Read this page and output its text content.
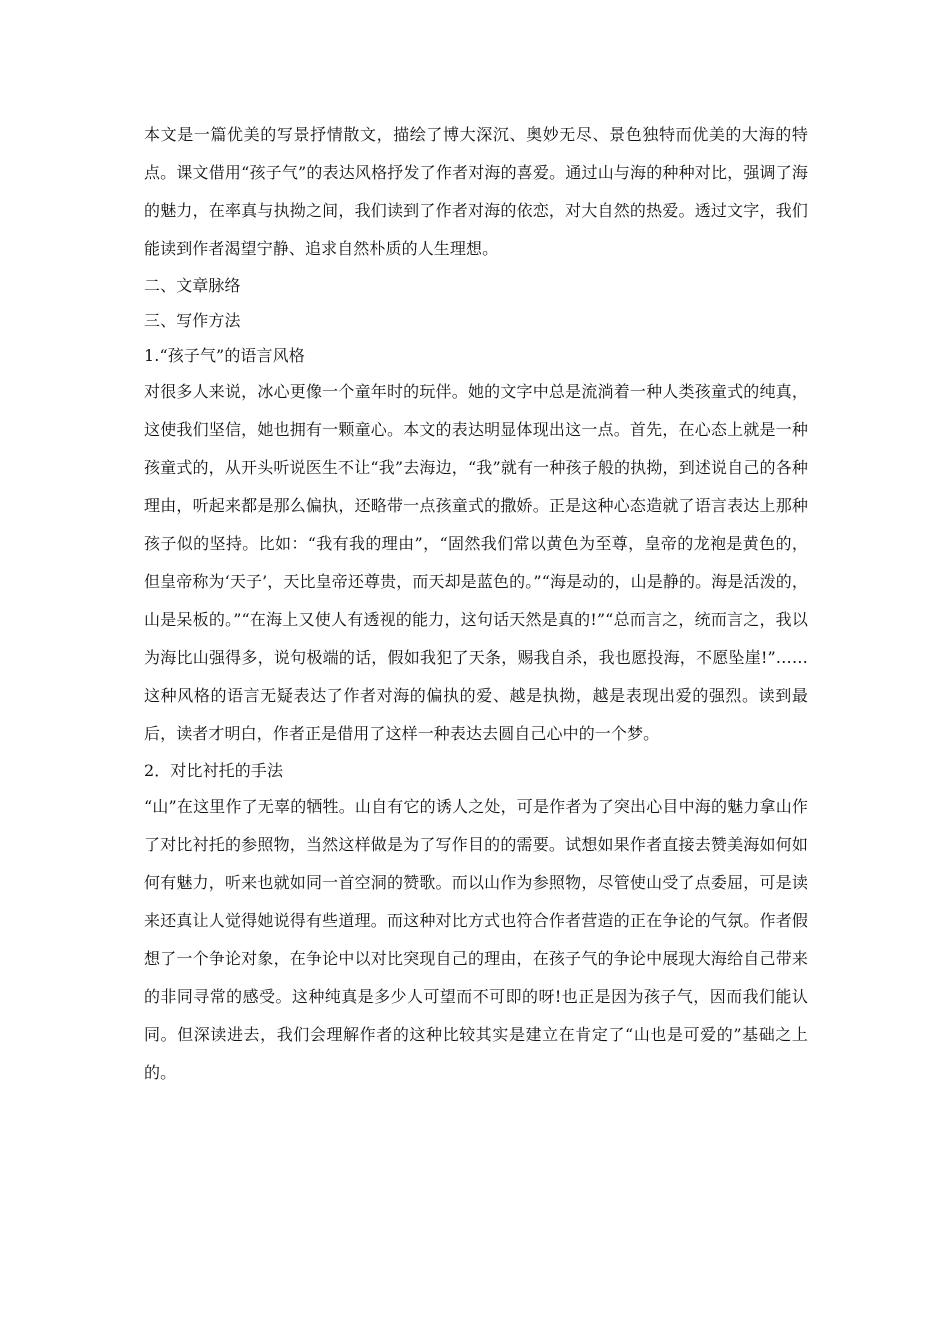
本文是一篇优美的写景抒情散文，描绘了博大深沉、奥妙无尽、景色独特而优美的大海的特点。课文借用“孩子气”的表达风格抒发了作者对海的喜爱。通过山与海的种种对比，强调了海的魅力，在率真与执拗之间，我们读到了作者对海的依恋，对大自然的热爱。透过文字，我们能读到作者渴望宁静、追求自然朴质的人生理想。

二、文章脉络
三、写作方法
1.“孩子气”的语言风格

对很多人来说，冰心更像一个童年时的玩伴。她的文字中总是流淌着一种人类孩童式的纯真，这使我们坚信，她也拥有一颗童心。本文的表达明显体现出这一点。首先，在心态上就是一种孩童式的，从开头听说医生不让“我”去海边，“我”就有一种孩子般的执拗，到述说自己的各种理由，听起来都是那么偏执，还略带一点孩童式的撒娇。正是这种心态造就了语言表达上那种孩子似的坚持。比如：“我有我的理由”，“固然我们常以黄色为至尊，皇帝的龙袍是黄色的，但皇帝称为‘天子’，天比皇帝还尊贵，而天却是蓝色的。”“海是动的，山是静的。海是活泼的，山是呆板的。”“在海上又使人有透视的能力，这句话天然是真的!”“总而言之，统而言之，我以为海比山强得多，说句极端的话，假如我犯了天条，赐我自杀，我也愿投海，不愿坠崖!”……这种风格的语言无疑表达了作者对海的偏执的爱、越是执拗，越是表现出爱的强烈。读到最后，读者才明白，作者正是借用了这样一种表达去圆自己心中的一个梦。

2．对比衬托的手法

“山”在这里作了无辜的牺牲。山自有它的诱人之处，可是作者为了突出心目中海的魅力拿山作了对比衬托的参照物，当然这样做是为了写作目的的需要。试想如果作者直接去赞美海如何如何有魅力，听来也就如同一首空洞的赞歌。而以山作为参照物，尽管使山受了点委屈，可是读来还真让人觉得她说得有些道理。而这种对比方式也符合作者营造的正在争论的气氛。作者假想了一个争论对象，在争论中以对比突现自己的理由，在孩子气的争论中展现大海给自己带来的非同寻常的感受。这种纯真是多少人可望而不可即的呀!也正是因为孩子气，因而我们能认同。但深读进去，我们会理解作者的这种比较其实是建立在肯定了“山也是可爱的”基础之上的。
